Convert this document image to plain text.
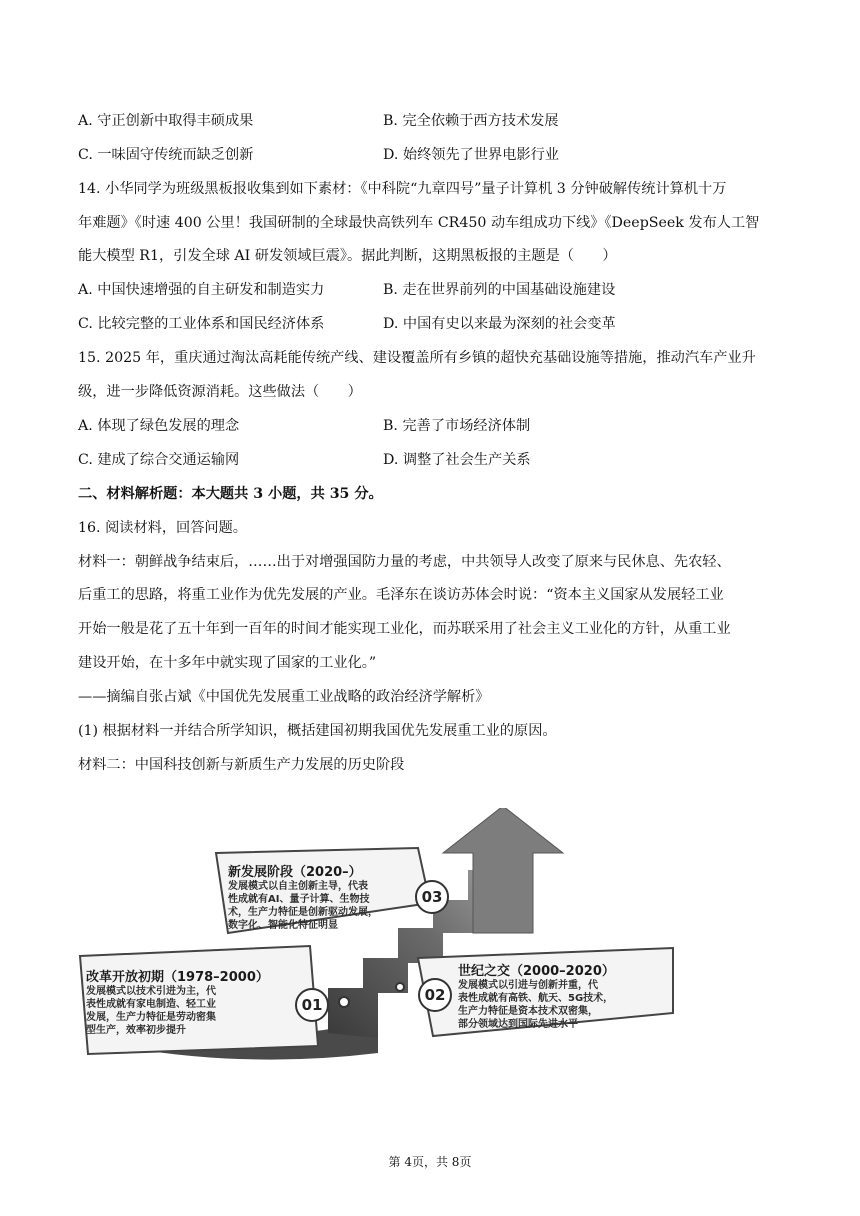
A. 守正创新中取得丰硕成果	B. 完全依赖于西方技术发展
C. 一味固守传统而缺乏创新	D. 始终领先了世界电影行业
14. 小华同学为班级黑板报收集到如下素材：《中科院“九章四号”量子计算机 3 分钟破解传统计算机十万
年难题》《时速 400 公里！我国研制的全球最快高铁列车 CR450 动车组成功下线》《DeepSeek 发布人工智
能大模型 R1，引发全球 AI 研发领域巨震》。据此判断，这期黑板报的主题是（　　）
A. 中国快速增强的自主研发和制造实力	B. 走在世界前列的中国基础设施建设
C. 比较完整的工业体系和国民经济体系	D. 中国有史以来最为深刻的社会变革
15. 2025 年，重庆通过淘汰高耗能传统产线、建设覆盖所有乡镇的超快充基础设施等措施，推动汽车产业升
级，进一步降低资源消耗。这些做法（　　）
A. 体现了绿色发展的理念	B. 完善了市场经济体制
C. 建成了综合交通运输网	D. 调整了社会生产关系
二、材料解析题：本大题共 3 小题，共 35 分。
16. 阅读材料，回答问题。
材料一：朝鲜战争结束后，……出于对增强国防力量的考虑，中共领导人改变了原来与民休息、先农轻、
后重工的思路，将重工业作为优先发展的产业。毛泽东在谈访苏体会时说：“资本主义国家从发展轻工业
开始一般是花了五十年到一百年的时间才能实现工业化，而苏联采用了社会主义工业化的方针，从重工业
建设开始，在十多年中就实现了国家的工业化。”
——摘编自张占斌《中国优先发展重工业战略的政治经济学解析》
(1) 根据材料一并结合所学知识，概括建国初期我国优先发展重工业的原因。
材料二：中国科技创新与新质生产力发展的历史阶段
新发展阶段（2020–）
发展模式以自主创新主导，代表
性成就有AI、量子计算、生物技
术，生产力特征是创新驱动发展，
数字化、智能化特征明显
03
改革开放初期（1978–2000）
发展模式以技术引进为主，代
表性成就有家电制造、轻工业
发展，生产力特征是劳动密集
型生产，效率初步提升
01
世纪之交（2000–2020）
发展模式以引进与创新并重，代
表性成就有高铁、航天、5G技术，
生产力特征是资本技术双密集，
部分领域达到国际先进水平
02
第 4页，共 8页
